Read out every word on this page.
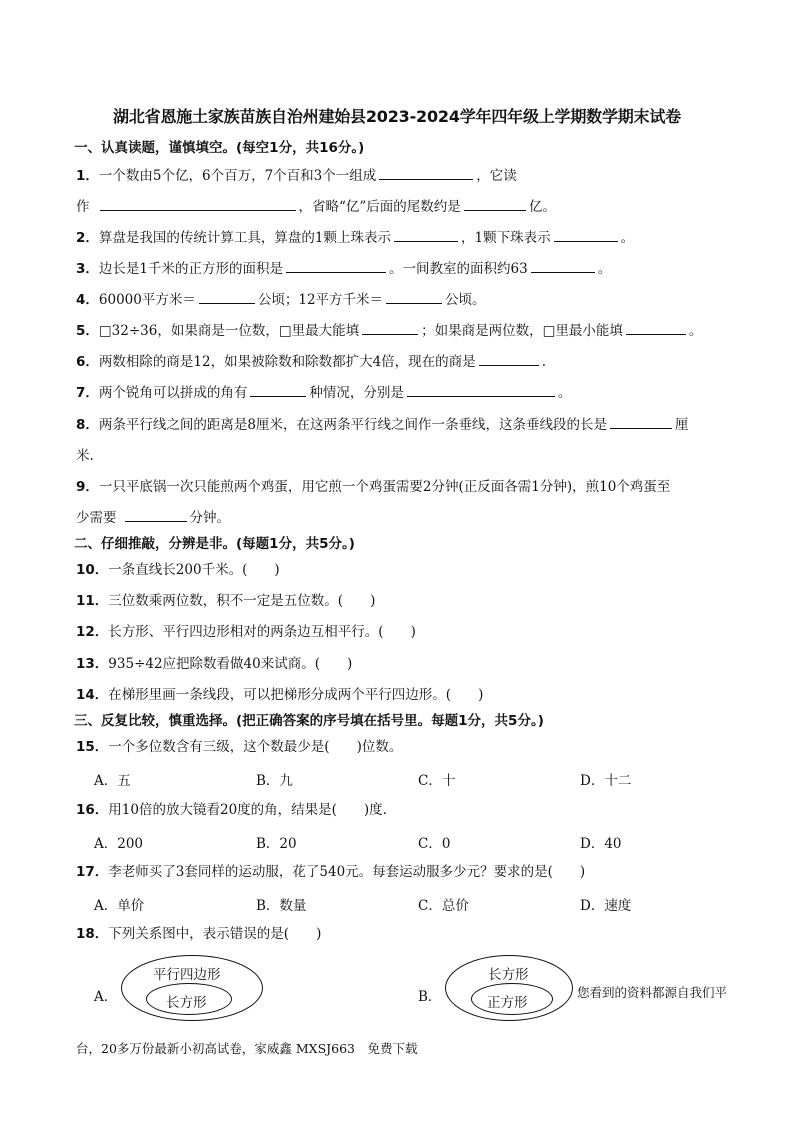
湖北省恩施土家族苗族自治州建始县2023-2024学年四年级上学期数学期末试卷
一、认真读题，谨慎填空。(每空1分，共16分。)
1．一个数由5个亿，6个百万，7个百和3个一组成	，它读
作	，省略“亿”后面的尾数约是	亿。
2．算盘是我国的传统计算工具，算盘的1颗上珠表示	，1颗下珠表示	。
3．边长是1千米的正方形的面积是	。一间教室的面积约63	。
4．60000平方米＝	公顷；12平方千米＝	公顷。
5．□32÷36，如果商是一位数，□里最大能填	；如果商是两位数，□里最小能填	。
6．两数相除的商是12，如果被除数和除数都扩大4倍，现在的商是	.
7．两个锐角可以拼成的角有	种情况，分别是	。
8．两条平行线之间的距离是8厘米，在这两条平行线之间作一条垂线，这条垂线段的长是	厘
米.
9．一只平底锅一次只能煎两个鸡蛋，用它煎一个鸡蛋需要2分钟(正反面各需1分钟)，煎10个鸡蛋至
少需要	分钟。
二、仔细推敲，分辨是非。(每题1分，共5分。)
10．一条直线长200千米。(　　)
11．三位数乘两位数，积不一定是五位数。(　　)
12．长方形、平行四边形相对的两条边互相平行。(　　)
13．935÷42应把除数看做40来试商。(　　)
14．在梯形里画一条线段，可以把梯形分成两个平行四边形。(　　)
三、反复比较，慎重选择。(把正确答案的序号填在括号里。每题1分，共5分。)
15．一个多位数含有三级，这个数最少是(　　)位数。
A．五	B．九	C．十	D．十二
16．用10倍的放大镜看20度的角，结果是(　　)度.
A．200	B．20	C．0	D．40
17．李老师买了3套同样的运动服，花了540元。每套运动服多少元？要求的是(　　)
A．单价	B．数量	C．总价	D．速度
18．下列关系图中，表示错误的是(　　)
A．
平行四边形
长方形	B．
长方形
正方形
您看到的资料都源自我们平
台，20多万份最新小初高试卷，家威鑫 MXSJ663　免费下载
